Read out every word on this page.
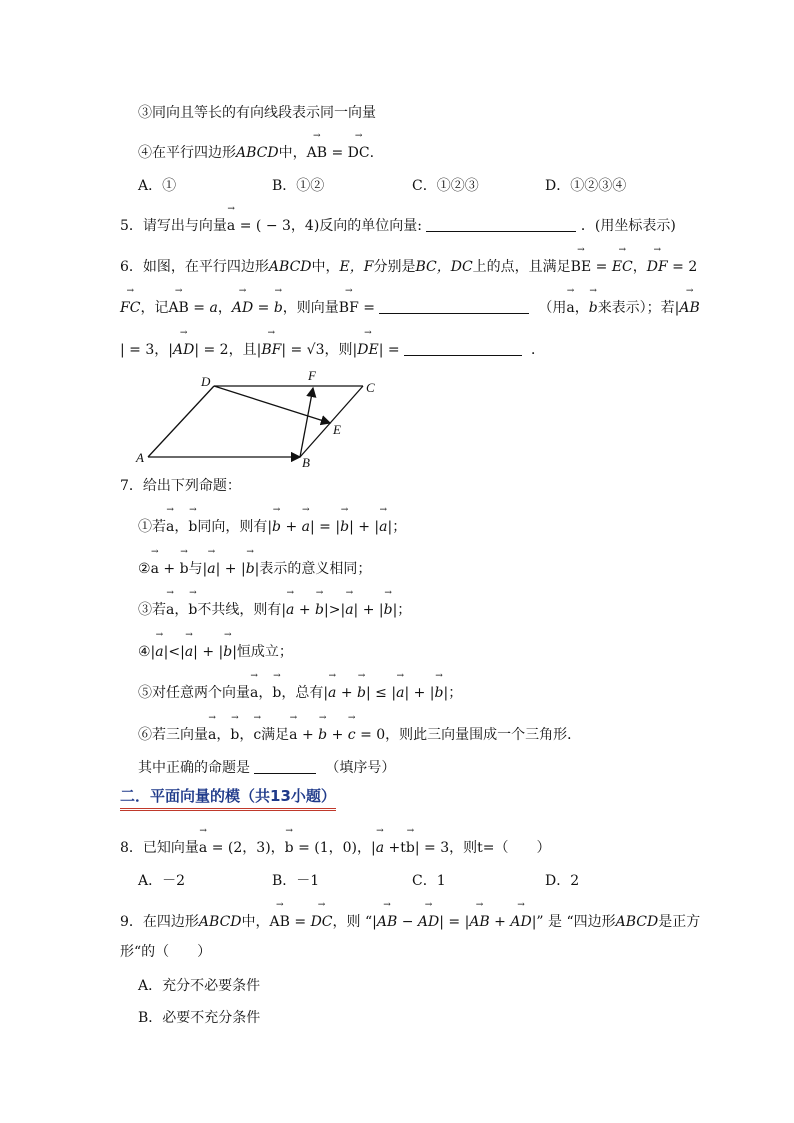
③同向且等长的有向线段表示同一向量
④在平行四边形ABCD中，→ AB = → DC.
A．①	B．①②	C．①②③	D．①②③④
5．请写出与向量→ a = ( − 3，4)反向的单位向量:	．(用坐标表示)
6．如图，在平行四边形ABCD中，E，F分别是BC，DC上的点，且满足→ BE = → EC，→ DF = 2
→ FC，记→ AB = a，→ AD = → b，则向量→ BF =	（用→ a，→ b来表示）；若|→ AB
| = 3，|→ AD| = 2，且|→ BF| = √3，则|→ DE| =	．
A	B
C
D
E
F
7．给出下列命题：
①若→ a，→ b同向，则有|→ b + → a| = |→ b| + |→ a|；
②→ a + → b与|→ a| + |→ b|表示的意义相同；
③若→ a，→ b不共线，则有|→ a + → b|>|→ a| + |→ b|；
④|→ a|<|→ a| + |→ b|恒成立；
⑤对任意两个向量→ a，→ b，总有|→ a + → b| ≤ |→ a| + |→ b|；
⑥若三向量→ a，→ b，→ c满足→ a + → b + → c = 0，则此三向量围成一个三角形．
其中正确的命题是	（填序号）
二．平面向量的模（共13小题）
8．已知向量→ a = (2，3)，→ b = (1，0)，|→ a +t→ b| = 3，则t=（　　）
A．－2	B．－1	C．1	D．2
9．在四边形ABCD中，→ AB = → DC，则 “|→ AB − → AD| = |→ AB + → AD|” 是 “四边形ABCD是正方
形“的（　　）
A．充分不必要条件
B．必要不充分条件
